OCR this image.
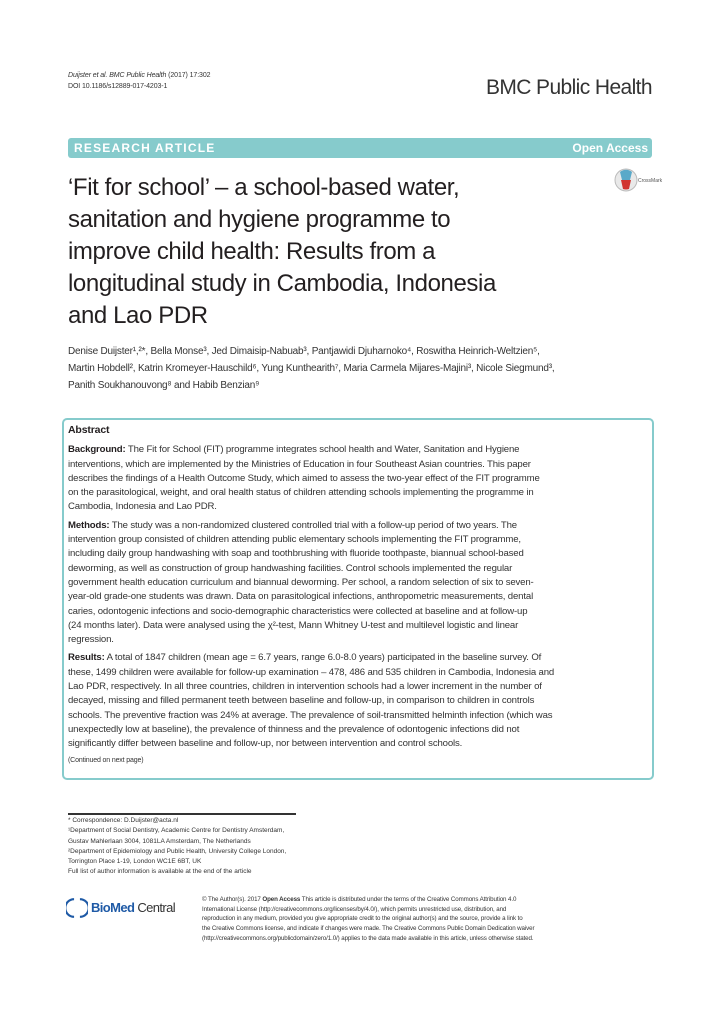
Duijster et al. BMC Public Health (2017) 17:302
DOI 10.1186/s12889-017-4203-1	BMC Public Health
RESEARCH ARTICLE	Open Access
CrossMark
‘Fit for school’ – a school-based water,
sanitation and hygiene programme to
improve child health: Results from a
longitudinal study in Cambodia, Indonesia
and Lao PDR
Denise Duijster¹,²*, Bella Monse³, Jed Dimaisip-Nabuab³, Pantjawidi Djuharnoko⁴, Roswitha Heinrich-Weltzien⁵,
Martin Hobdell², Katrin Kromeyer-Hauschild⁶, Yung Kunthearith⁷, Maria Carmela Mijares-Majini³, Nicole Siegmund³,
Panith Soukhanouvong⁸ and Habib Benzian⁹
Abstract
Background: The Fit for School (FIT) programme integrates school health and Water, Sanitation and Hygiene
interventions, which are implemented by the Ministries of Education in four Southeast Asian countries. This paper
describes the findings of a Health Outcome Study, which aimed to assess the two-year effect of the FIT programme
on the parasitological, weight, and oral health status of children attending schools implementing the programme in
Cambodia, Indonesia and Lao PDR.
Methods: The study was a non-randomized clustered controlled trial with a follow-up period of two years. The
intervention group consisted of children attending public elementary schools implementing the FIT programme,
including daily group handwashing with soap and toothbrushing with fluoride toothpaste, biannual school-based
deworming, as well as construction of group handwashing facilities. Control schools implemented the regular
government health education curriculum and biannual deworming. Per school, a random selection of six to seven-
year-old grade-one students was drawn. Data on parasitological infections, anthropometric measurements, dental
caries, odontogenic infections and socio-demographic characteristics were collected at baseline and at follow-up
(24 months later). Data were analysed using the χ²-test, Mann Whitney U-test and multilevel logistic and linear
regression.
Results: A total of 1847 children (mean age = 6.7 years, range 6.0-8.0 years) participated in the baseline survey. Of
these, 1499 children were available for follow-up examination – 478, 486 and 535 children in Cambodia, Indonesia and
Lao PDR, respectively. In all three countries, children in intervention schools had a lower increment in the number of
decayed, missing and filled permanent teeth between baseline and follow-up, in comparison to children in controls
schools. The preventive fraction was 24% at average. The prevalence of soil-transmitted helminth infection (which was
unexpectedly low at baseline), the prevalence of thinness and the prevalence of odontogenic infections did not
significantly differ between baseline and follow-up, nor between intervention and control schools.
(Continued on next page)
* Correspondence: D.Duijster@acta.nl
¹Department of Social Dentistry, Academic Centre for Dentistry Amsterdam,
Gustav Mahlerlaan 3004, 1081LA Amsterdam, The Netherlands
²Department of Epidemiology and Public Health, University College London,
Torrington Place 1-19, London WC1E 6BT, UK
Full list of author information is available at the end of the article
BioMed Central
© The Author(s). 2017 Open Access This article is distributed under the terms of the Creative Commons Attribution 4.0
International License (http://creativecommons.org/licenses/by/4.0/), which permits unrestricted use, distribution, and
reproduction in any medium, provided you give appropriate credit to the original author(s) and the source, provide a link to
the Creative Commons license, and indicate if changes were made. The Creative Commons Public Domain Dedication waiver
(http://creativecommons.org/publicdomain/zero/1.0/) applies to the data made available in this article, unless otherwise stated.
